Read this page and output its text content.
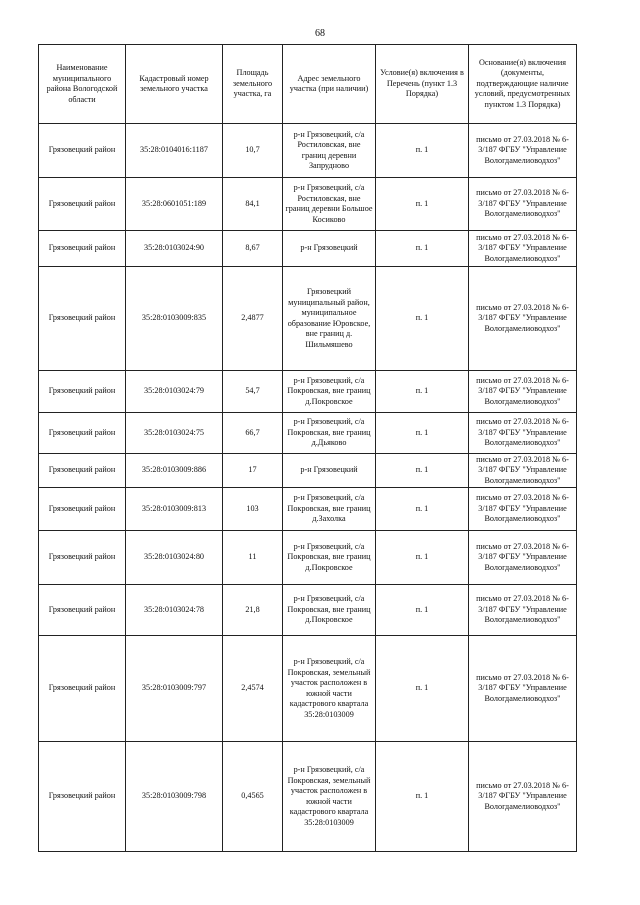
68
Наименование муниципального района Вологодской области	Кадастровый номер земельного участка	Площадь земельного участка, га	Адрес земельного участка (при наличии)	Условие(я) включения в Перечень (пункт 1.3 Порядка)	Основание(я) включения (документы, подтверждающие наличие условий, предусмотренных пунктом 1.3 Порядка)
Грязовецкий район	35:28:0104016:1187	10,7	р-н Грязовецкий, с/а Ростиловская, вне границ деревни Запрудново	п. 1	письмо от 27.03.2018 № 6-3/187 ФГБУ "Управление Вологдамелиоводхоз"
Грязовецкий район	35:28:0601051:189	84,1	р-н Грязовецкий, с/а Ростиловская, вне границ деревни Большое Косиково	п. 1	письмо от 27.03.2018 № 6-3/187 ФГБУ "Управление Вологдамелиоводхоз"
Грязовецкий район	35:28:0103024:90	8,67	р-н Грязовецкий	п. 1	письмо от 27.03.2018 № 6-3/187 ФГБУ "Управление Вологдамелиоводхоз"
Грязовецкий район	35:28:0103009:835	2,4877	Грязовецкий муниципальный район, муниципальное образование Юровское, вне границ д. Шильмяшево	п. 1	письмо от 27.03.2018 № 6-3/187 ФГБУ "Управление Вологдамелиоводхоз"
Грязовецкий район	35:28:0103024:79	54,7	р-н Грязовецкий, с/а Покровская, вне границ д.Покровское	п. 1	письмо от 27.03.2018 № 6-3/187 ФГБУ "Управление Вологдамелиоводхоз"
Грязовецкий район	35:28:0103024:75	66,7	р-н Грязовецкий, с/а Покровская, вне границ д.Дьяково	п. 1	письмо от 27.03.2018 № 6-3/187 ФГБУ "Управление Вологдамелиоводхоз"
Грязовецкий район	35:28:0103009:886	17	р-н Грязовецкий	п. 1	письмо от 27.03.2018 № 6-3/187 ФГБУ "Управление Вологдамелиоводхоз"
Грязовецкий район	35:28:0103009:813	103	р-н Грязовецкий, с/а Покровская, вне границ д.Захолка	п. 1	письмо от 27.03.2018 № 6-3/187 ФГБУ "Управление Вологдамелиоводхоз"
Грязовецкий район	35:28:0103024:80	11	р-н Грязовецкий, с/а Покровская, вне границ д.Покровское	п. 1	письмо от 27.03.2018 № 6-3/187 ФГБУ "Управление Вологдамелиоводхоз"
Грязовецкий район	35:28:0103024:78	21,8	р-н Грязовецкий, с/а Покровская, вне границ д.Покровское	п. 1	письмо от 27.03.2018 № 6-3/187 ФГБУ "Управление Вологдамелиоводхоз"
Грязовецкий район	35:28:0103009:797	2,4574	р-н Грязовецкий, с/а Покровская, земельный участок расположен в южной части кадастрового квартала 35:28:0103009	п. 1	письмо от 27.03.2018 № 6-3/187 ФГБУ "Управление Вологдамелиоводхоз"
Грязовецкий район	35:28:0103009:798	0,4565	р-н Грязовецкий, с/а Покровская, земельный участок расположен в южной части кадастрового квартала 35:28:0103009	п. 1	письмо от 27.03.2018 № 6-3/187 ФГБУ "Управление Вологдамелиоводхоз"
